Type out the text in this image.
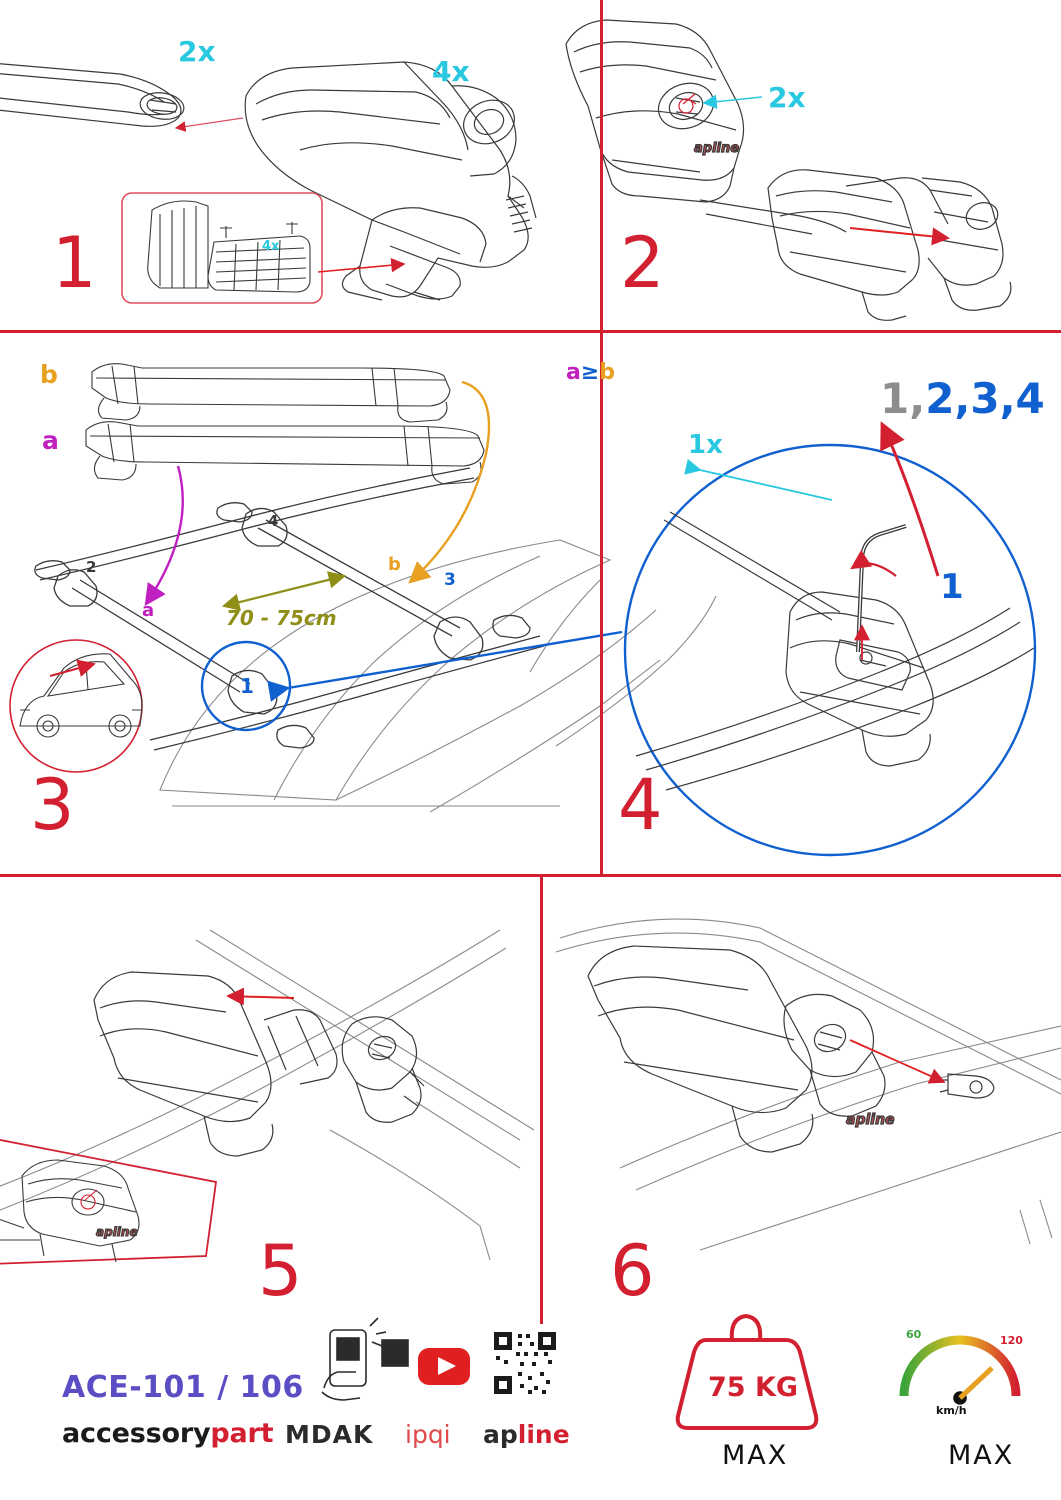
4x
apline
apline
apline
1	2
3	4
5	6
2x
4x
2x
b
a
a≥b
a
b
70 - 75cm
1
2
3
4
1x
1,2,3,4
1
ACE-101 / 106
accessorypart MDAK ipqi apline
75 KG
MAX	MAX
60	120
km/h
